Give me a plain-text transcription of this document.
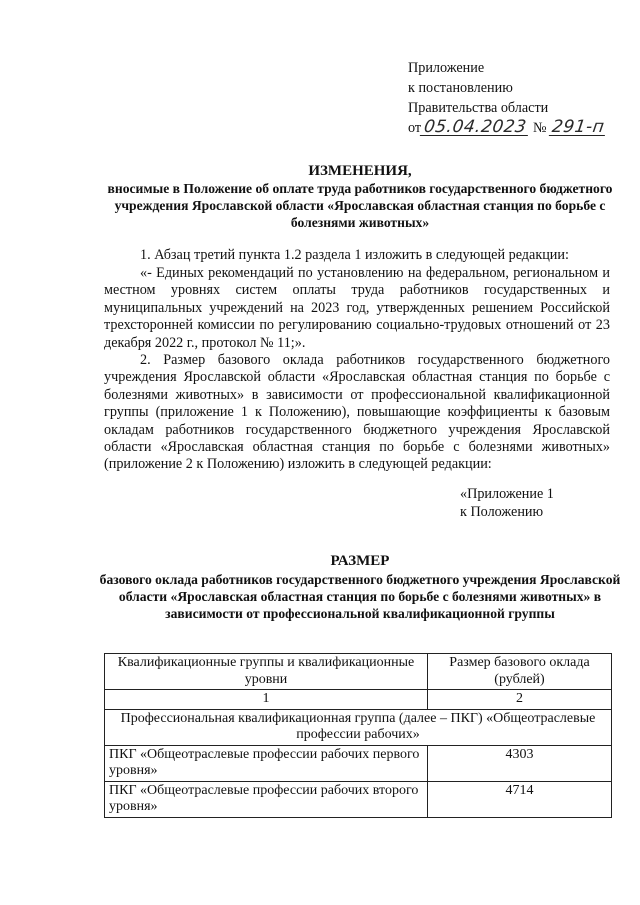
Приложение
к постановлению
Правительства области
от05.04.2023 № 291-п
ИЗМЕНЕНИЯ,
вносимые в Положение об оплате труда работников государственного бюджетного учреждения Ярославской области «Ярославская областная станция по борьбе с болезнями животных»
1. Абзац третий пункта 1.2 раздела 1 изложить в следующей редакции:
«- Единых рекомендаций по установлению на федеральном, региональном и местном уровнях систем оплаты труда работников государственных и муниципальных учреждений на 2023 год, утвержденных решением Российской трехсторонней комиссии по регулированию социально-трудовых отношений от 23 декабря 2022 г., протокол № 11;».
2. Размер базового оклада работников государственного бюджетного учреждения Ярославской области «Ярославская областная станция по борьбе с болезнями животных» в зависимости от профессиональной квалификационной группы (приложение 1 к Положению), повышающие коэффициенты к базовым окладам работников государственного бюджетного учреждения Ярославской области «Ярославская областная станция по борьбе с болезнями животных» (приложение 2 к Положению) изложить в следующей редакции:
«Приложение 1
к Положению
РАЗМЕР
базового оклада работников государственного бюджетного учреждения Ярославской области «Ярославская областная станция по борьбе с болезнями животных» в зависимости от профессиональной квалификационной группы
Квалификационные группы и квалификационные уровни	Размер базового оклада (рублей)
1	2
Профессиональная квалификационная группа (далее – ПКГ) «Общеотраслевые профессии рабочих»	
ПКГ «Общеотраслевые профессии рабочих первого уровня»	4303
ПКГ «Общеотраслевые профессии рабочих второго уровня»	4714
